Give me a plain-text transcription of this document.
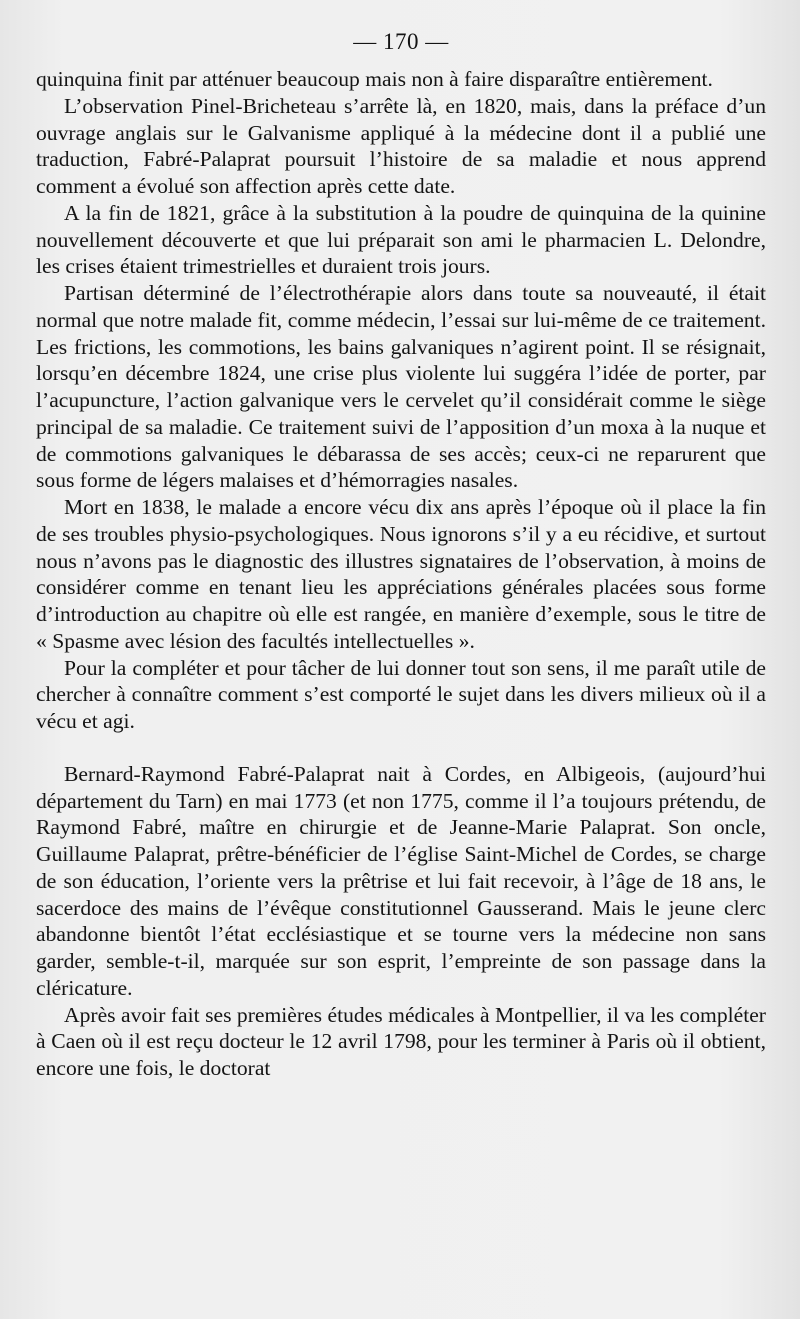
— 170 —

quinquina finit par atténuer beaucoup mais non à faire disparaître entièrement.

L’observation Pinel-Bricheteau s’arrête là, en 1820, mais, dans la préface d’un ouvrage anglais sur le Galvanisme appliqué à la médecine dont il a publié une traduction, Fabré-Palaprat poursuit l’histoire de sa maladie et nous apprend comment a évolué son affection après cette date.

A la fin de 1821, grâce à la substitution à la poudre de quinquina de la quinine nouvellement découverte et que lui préparait son ami le pharmacien L. Delondre, les crises étaient trimestrielles et duraient trois jours.

Partisan déterminé de l’électrothérapie alors dans toute sa nouveauté, il était normal que notre malade fit, comme médecin, l’essai sur lui-même de ce traitement. Les frictions, les commotions, les bains galvaniques n’agirent point. Il se résignait, lorsqu’en décembre 1824, une crise plus violente lui suggéra l’idée de porter, par l’acupuncture, l’action galvanique vers le cervelet qu’il considérait comme le siège principal de sa maladie. Ce traitement suivi de l’apposition d’un moxa à la nuque et de commotions galvaniques le débarassa de ses accès; ceux-ci ne reparurent que sous forme de légers malaises et d’hémorragies nasales.

Mort en 1838, le malade a encore vécu dix ans après l’époque où il place la fin de ses troubles physio-psychologiques. Nous ignorons s’il y a eu récidive, et surtout nous n’avons pas le diagnostic des illustres signataires de l’observation, à moins de considérer comme en tenant lieu les appréciations générales placées sous forme d’introduction au chapitre où elle est rangée, en manière d’exemple, sous le titre de « Spasme avec lésion des facultés intellectuelles ».

Pour la compléter et pour tâcher de lui donner tout son sens, il me paraît utile de chercher à connaître comment s’est comporté le sujet dans les divers milieux où il a vécu et agi.

Bernard-Raymond Fabré-Palaprat nait à Cordes, en Albigeois, (aujourd’hui département du Tarn) en mai 1773 (et non 1775, comme il l’a toujours prétendu, de Raymond Fabré, maître en chirurgie et de Jeanne-Marie Palaprat. Son oncle, Guillaume Palaprat, prêtre-bénéficier de l’église Saint-Michel de Cordes, se charge de son éducation, l’oriente vers la prêtrise et lui fait recevoir, à l’âge de 18 ans, le sacerdoce des mains de l’évêque constitutionnel Gausserand. Mais le jeune clerc abandonne bientôt l’état ecclésiastique et se tourne vers la médecine non sans garder, semble-t-il, marquée sur son esprit, l’empreinte de son passage dans la cléricature.

Après avoir fait ses premières études médicales à Montpellier, il va les compléter à Caen où il est reçu docteur le 12 avril 1798, pour les terminer à Paris où il obtient, encore une fois, le doctorat
